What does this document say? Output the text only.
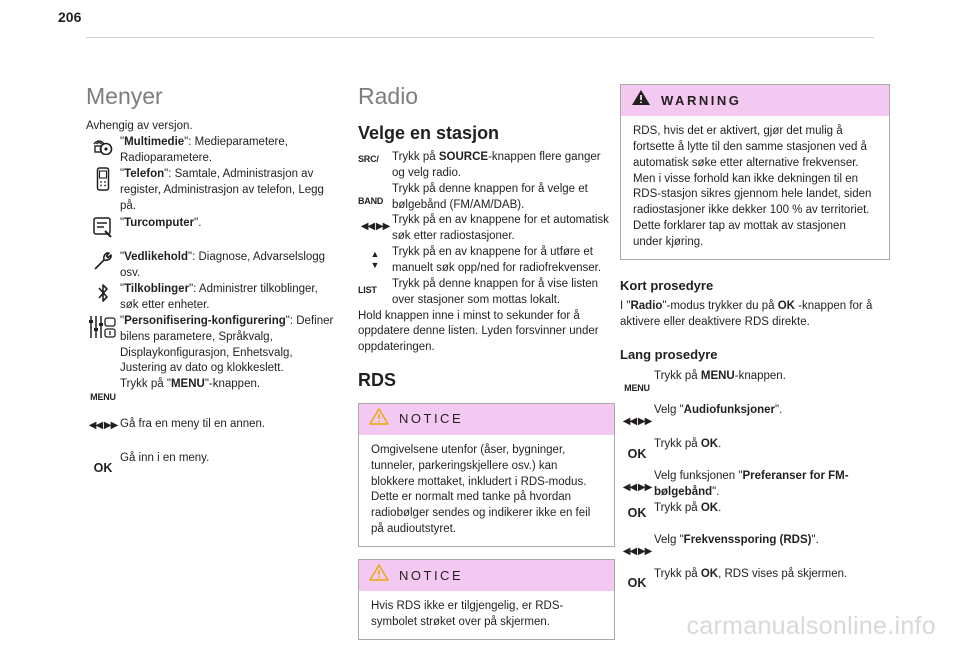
206
Menyer

Avhengig av versjon.

"Multimedie": Medieparametere, Radioparametere.
"Telefon": Samtale, Administrasjon av register, Administrasjon av telefon, Legg på.
"Turcomputer".
"Vedlikehold": Diagnose, Advarselslogg osv.
"Tilkoblinger": Administrer tilkoblinger, søk etter enheter.
"Personifisering-konfigurering": Definer bilens parametere, Språkvalg, Displaykonfigurasjon, Enhetsvalg, Justering av dato og klokkeslett.
MENU
Trykk på "MENU"-knappen.
◀◀ ▶▶ Gå fra en meny til en annen.
OK
Gå inn i en meny.
Radio
Velge en stasjon
SRC/ Trykk på SOURCE-knappen flere ganger og velg radio.
BAND
Trykk på denne knappen for å velge et bølgebånd (FM/AM/DAB).
◀◀ ▶▶ Trykk på en av knappene for et automatisk søk etter radiostasjoner.
▲
▼
Trykk på en av knappene for å utføre et manuelt søk opp/ned for radiofrekvenser.
LIST Trykk på denne knappen for å vise listen over stasjoner som mottas lokalt.

Hold knappen inne i minst to sekunder for å oppdatere denne listen. Lyden forsvinner under oppdateringen.

RDS
NOTICE
Omgivelsene utenfor (åser, bygninger, tunneler, parkeringskjellere osv.) kan blokkere mottaket, inkludert i RDS-modus. Dette er normalt med tanke på hvordan radiobølger sendes og indikerer ikke en feil på audioutstyret.
NOTICE
Hvis RDS ikke er tilgjengelig, er RDS-symbolet strøket over på skjermen.
WARNING
RDS, hvis det er aktivert, gjør det mulig å fortsette å lytte til den samme stasjonen ved å automatisk søke etter alternative frekvenser. Men i visse forhold kan ikke dekningen til en RDS-stasjon sikres gjennom hele landet, siden radiostasjoner ikke dekker 100 % av territoriet. Dette forklarer tap av mottak av stasjonen under kjøring.
Kort prosedyre

I "Radio"-modus trykker du på OK -knappen for å aktivere eller deaktivere RDS direkte.

Lang prosedyre
MENU
Trykk på MENU-knappen.
◀◀ ▶▶
Velg "Audiofunksjoner".
OK
Trykk på OK.
◀◀ ▶▶
Velg funksjonen "Preferanser for FM-bølgebånd".
OK Trykk på OK.
◀◀ ▶▶
Velg "Frekvenssporing (RDS)".
OK
Trykk på OK, RDS vises på skjermen.
carmanualsonline.info
